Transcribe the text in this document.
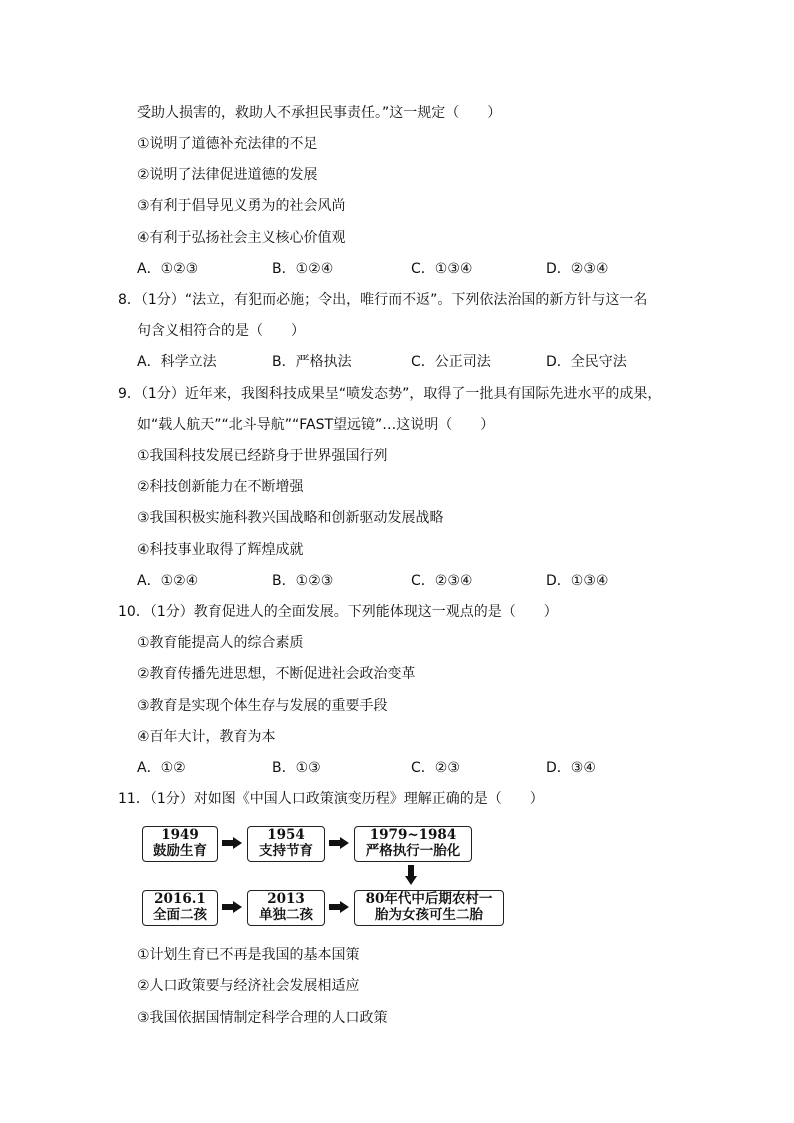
受助人损害的，救助人不承担民事责任。”这一规定（　　）
①说明了道德补充法律的不足
②说明了法律促进道德的发展
③有利于倡导见义勇为的社会风尚
④有利于弘扬社会主义核心价值观
A．①②③	B．①②④	C．①③④	D．②③④
8．（1分）“法立，有犯而必施；令出，唯行而不返”。下列依法治国的新方针与这一名
句含义相符合的是（　　）
A．科学立法	B．严格执法	C．公正司法	D．全民守法
9．（1分）近年来，我图科技成果呈“喷发态势”，取得了一批具有国际先进水平的成果，
如“载人航天”“北斗导航”“FAST望远镜”…这说明（　　）
①我国科技发展已经跻身于世界强国行列
②科技创新能力在不断增强
③我国积极实施科教兴国战略和创新驱动发展战略
④科技事业取得了辉煌成就
A．①②④	B．①②③	C．②③④	D．①③④
10．（1分）教育促进人的全面发展。下列能体现这一观点的是（　　）
①教育能提高人的综合素质
②教育传播先进思想，不断促进社会政治变革
③教育是实现个体生存与发展的重要手段
④百年大计，教育为本
A．①②	B．①③	C．②③	D．③④
11．（1分）对如图《中国人口政策演变历程》理解正确的是（　　）
1949
鼓励生育
1954
支持节育
1979~1984
严格执行一胎化
2016.1
全面二孩
2013
单独二孩
80年代中后期农村一
胎为女孩可生二胎
①计划生育已不再是我国的基本国策
②人口政策要与经济社会发展相适应
③我国依据国情制定科学合理的人口政策
